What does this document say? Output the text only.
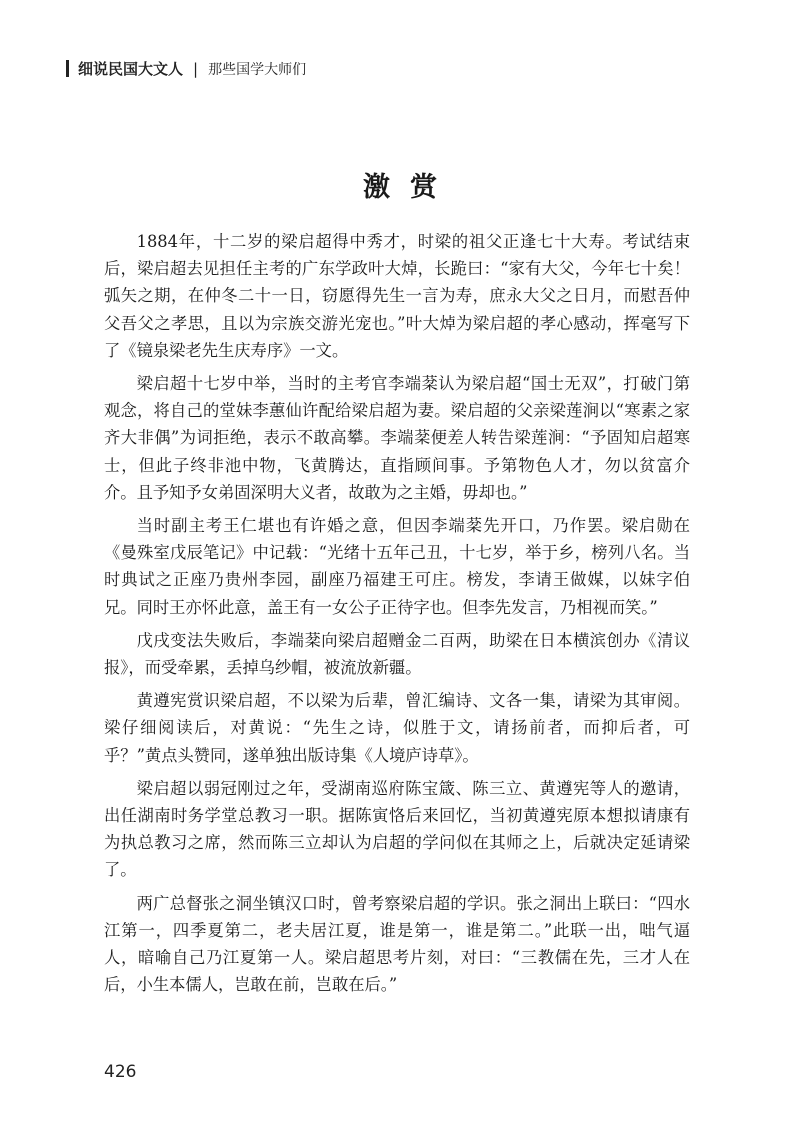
细说民国大文人 | 那些国学大师们
激赏

1884年，十二岁的梁启超得中秀才，时梁的祖父正逢七十大寿。考试结束后，梁启超去见担任主考的广东学政叶大焯，长跪曰：“家有大父，今年七十矣！弧矢之期，在仲冬二十一日，窃愿得先生一言为寿，庶永大父之日月，而慰吾仲父吾父之孝思，且以为宗族交游光宠也。”叶大焯为梁启超的孝心感动，挥毫写下了《镜泉梁老先生庆寿序》一文。

梁启超十七岁中举，当时的主考官李端棻认为梁启超“国士无双”，打破门第观念，将自己的堂妹李蕙仙许配给梁启超为妻。梁启超的父亲梁莲涧以“寒素之家齐大非偶”为词拒绝，表示不敢高攀。李端棻便差人转告梁莲涧：“予固知启超寒士，但此子终非池中物，飞黄腾达，直指顾间事。予第物色人才，勿以贫富介介。且予知予女弟固深明大义者，故敢为之主婚，毋却也。”

当时副主考王仁堪也有许婚之意，但因李端棻先开口，乃作罢。梁启勋在《曼殊室戊辰笔记》中记载：“光绪十五年己丑，十七岁，举于乡，榜列八名。当时典试之正座乃贵州李园，副座乃福建王可庄。榜发，李请王做媒，以妹字伯兄。同时王亦怀此意，盖王有一女公子正待字也。但李先发言，乃相视而笑。”

戊戌变法失败后，李端棻向梁启超赠金二百两，助梁在日本横滨创办《清议报》，而受牵累，丢掉乌纱帽，被流放新疆。

黄遵宪赏识梁启超，不以梁为后辈，曾汇编诗、文各一集，请梁为其审阅。梁仔细阅读后，对黄说：“先生之诗，似胜于文，请扬前者，而抑后者，可乎？”黄点头赞同，遂单独出版诗集《人境庐诗草》。

梁启超以弱冠刚过之年，受湖南巡府陈宝箴、陈三立、黄遵宪等人的邀请，出任湖南时务学堂总教习一职。据陈寅恪后来回忆，当初黄遵宪原本想拟请康有为执总教习之席，然而陈三立却认为启超的学问似在其师之上，后就决定延请梁了。

两广总督张之洞坐镇汉口时，曾考察梁启超的学识。张之洞出上联曰：“四水江第一，四季夏第二，老夫居江夏，谁是第一，谁是第二。”此联一出，咄气逼人，暗喻自己乃江夏第一人。梁启超思考片刻，对曰：“三教儒在先，三才人在后，小生本儒人，岂敢在前，岂敢在后。”

426
